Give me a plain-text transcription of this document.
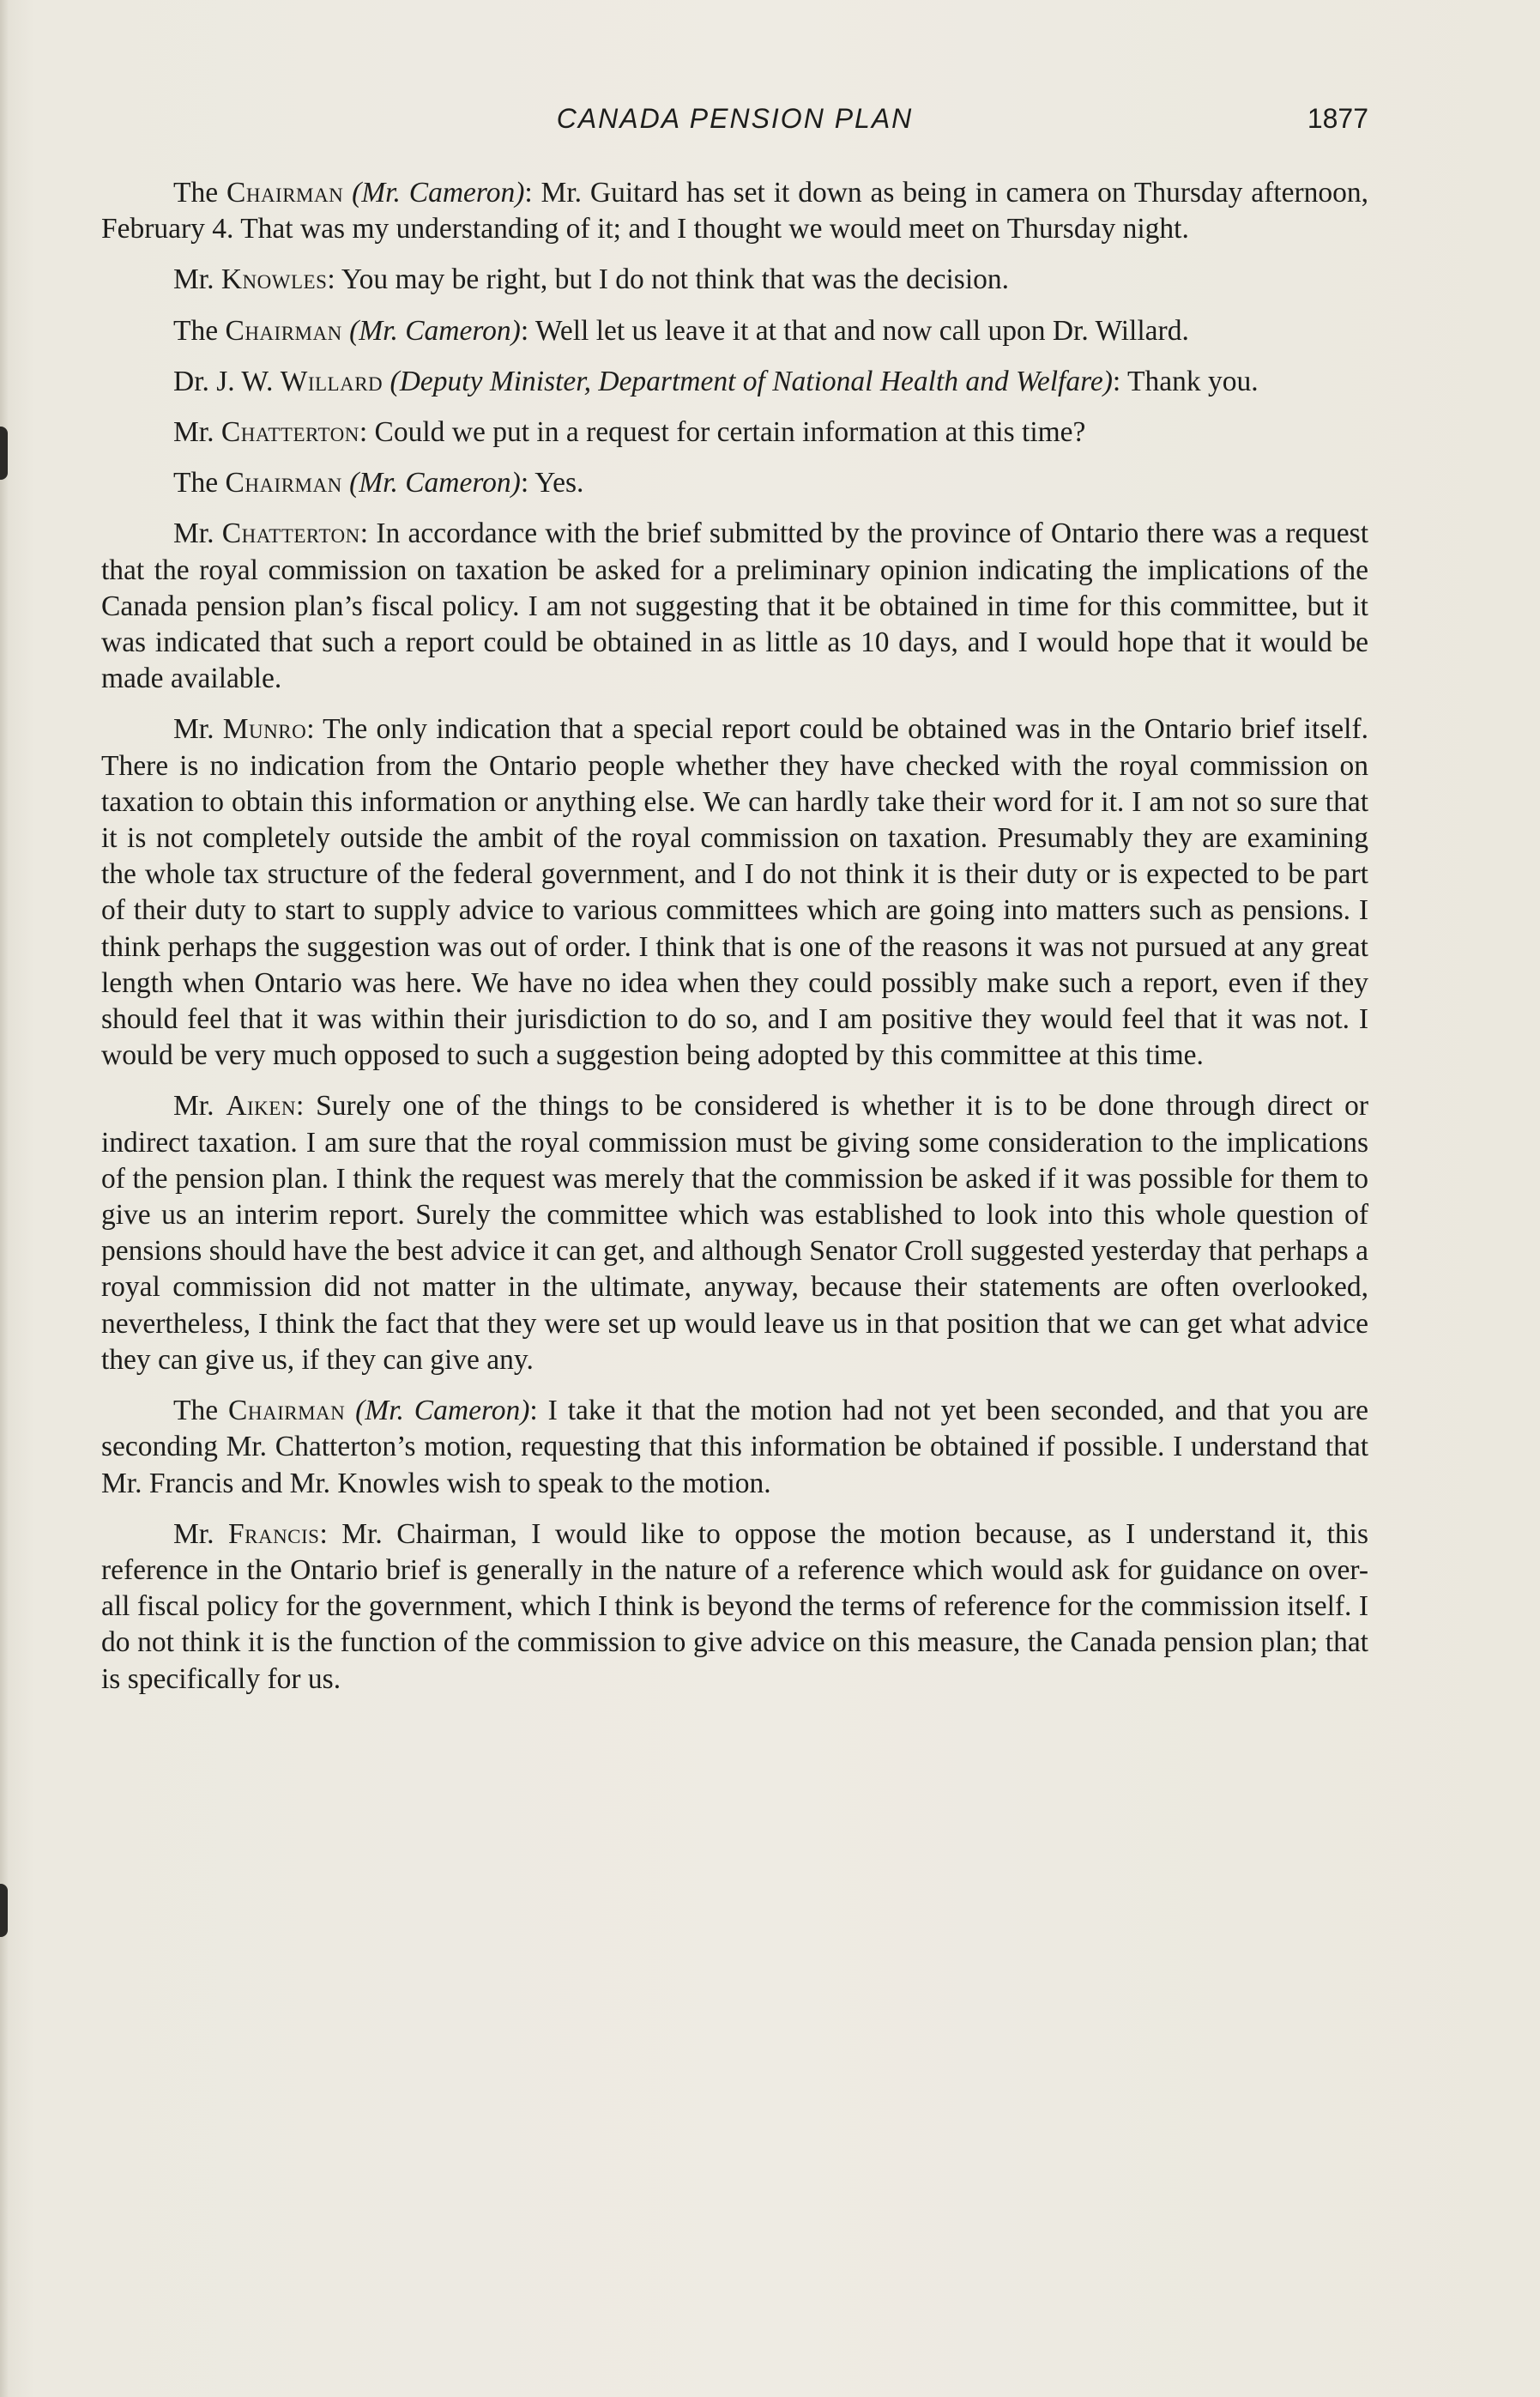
CANADA PENSION PLAN	1877

The Chairman (Mr. Cameron): Mr. Guitard has set it down as being in camera on Thursday afternoon, February 4. That was my understanding of it; and I thought we would meet on Thursday night.

Mr. Knowles: You may be right, but I do not think that was the decision.

The Chairman (Mr. Cameron): Well let us leave it at that and now call upon Dr. Willard.

Dr. J. W. Willard (Deputy Minister, Department of National Health and Welfare): Thank you.

Mr. Chatterton: Could we put in a request for certain information at this time?

The Chairman (Mr. Cameron): Yes.

Mr. Chatterton: In accordance with the brief submitted by the province of Ontario there was a request that the royal commission on taxation be asked for a preliminary opinion indicating the implications of the Canada pension plan’s fiscal policy. I am not suggesting that it be obtained in time for this committee, but it was indicated that such a report could be obtained in as little as 10 days, and I would hope that it would be made available.

Mr. Munro: The only indication that a special report could be obtained was in the Ontario brief itself. There is no indication from the Ontario people whether they have checked with the royal commission on taxation to obtain this information or anything else. We can hardly take their word for it. I am not so sure that it is not completely outside the ambit of the royal commission on taxation. Presumably they are examining the whole tax structure of the federal government, and I do not think it is their duty or is expected to be part of their duty to start to supply advice to various committees which are going into matters such as pensions. I think perhaps the suggestion was out of order. I think that is one of the reasons it was not pursued at any great length when Ontario was here. We have no idea when they could possibly make such a report, even if they should feel that it was within their jurisdiction to do so, and I am positive they would feel that it was not. I would be very much opposed to such a suggestion being adopted by this committee at this time.

Mr. Aiken: Surely one of the things to be considered is whether it is to be done through direct or indirect taxation. I am sure that the royal commission must be giving some consideration to the implications of the pension plan. I think the request was merely that the commission be asked if it was possible for them to give us an interim report. Surely the committee which was established to look into this whole question of pensions should have the best advice it can get, and although Senator Croll suggested yesterday that perhaps a royal commission did not matter in the ultimate, anyway, because their statements are often overlooked, nevertheless, I think the fact that they were set up would leave us in that position that we can get what advice they can give us, if they can give any.

The Chairman (Mr. Cameron): I take it that the motion had not yet been seconded, and that you are seconding Mr. Chatterton’s motion, requesting that this information be obtained if possible. I understand that Mr. Francis and Mr. Knowles wish to speak to the motion.

Mr. Francis: Mr. Chairman, I would like to oppose the motion because, as I understand it, this reference in the Ontario brief is generally in the nature of a reference which would ask for guidance on over-all fiscal policy for the government, which I think is beyond the terms of reference for the commission itself. I do not think it is the function of the commission to give advice on this measure, the Canada pension plan; that is specifically for us.
